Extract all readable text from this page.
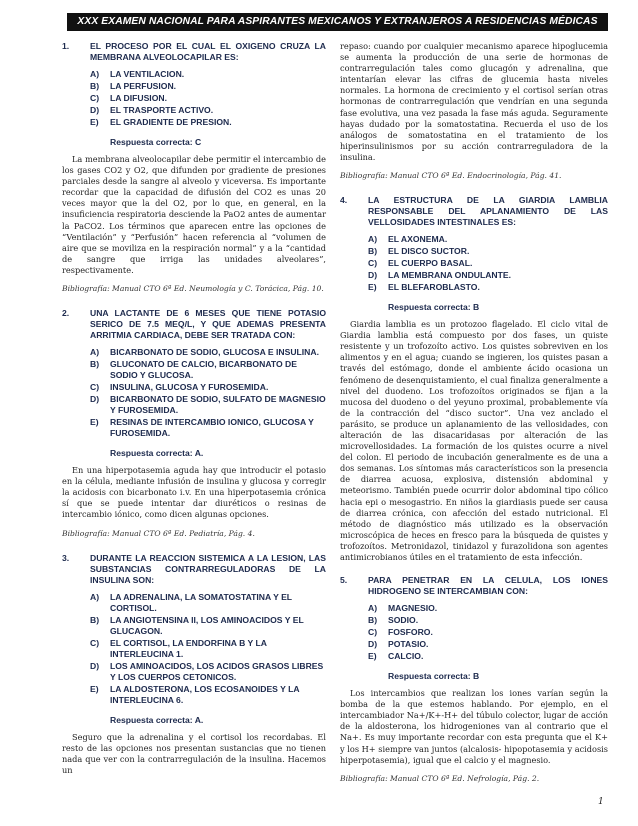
XXX EXAMEN NACIONAL PARA ASPIRANTES MEXICANOS Y EXTRANJEROS A RESIDENCIAS MÉDICAS
1.	EL PROCESO POR EL CUAL EL OXIGENO CRUZA LA MEMBRANA ALVEOLOCAPILAR ES:
A)	LA VENTILACION.
B)	LA PERFUSION.
C)	LA DIFUSION.
D)	EL TRASPORTE ACTIVO.
E)	EL GRADIENTE DE PRESION.
Respuesta correcta: C

La membrana alveolocapilar debe permitir el intercambio de los gases CO2 y O2, que difunden por gradiente de presiones parciales desde la sangre al alveolo y viceversa. Es importante recordar que la capacidad de difusión del CO2 es unas 20 veces mayor que la del O2, por lo que, en general, en la insuficiencia respiratoria desciende la PaO2 antes de aumentar la PaCO2. Los términos que aparecen entre las opciones de “Ventilación” y “Perfusión” hacen referencia al “volumen de aire que se moviliza en la respiración normal” y a la “cantidad de sangre que irriga las unidades alveolares”, respectivamente.

Bibliografía: Manual CTO 6ª Ed. Neumología y C. Torácica, Pág. 10.

2.	UNA LACTANTE DE 6 MESES QUE TIENE POTASIO SERICO DE 7.5 MEQ/L, Y QUE ADEMAS PRESENTA ARRITMIA CARDIACA, DEBE SER TRATADA CON:
A)	BICARBONATO DE SODIO, GLUCOSA E INSULINA.
B)	GLUCONATO DE CALCIO, BICARBONATO DE SODIO Y GLUCOSA.
C)	INSULINA, GLUCOSA Y FUROSEMIDA.
D)	BICARBONATO DE SODIO, SULFATO DE MAGNESIO Y FUROSEMIDA.
E)	RESINAS DE INTERCAMBIO IONICO, GLUCOSA Y FUROSEMIDA.
Respuesta correcta: A.

En una hiperpotasemia aguda hay que introducir el potasio en la célula, mediante infusión de insulina y glucosa y corregir la acidosis con bicarbonato i.v. En una hiperpotasemia crónica sí que se puede intentar dar diuréticos o resinas de intercambio iónico, como dicen algunas opciones.

Bibliografía: Manual CTO 6ª Ed. Pediatría, Pág. 4.

3.	DURANTE LA REACCION SISTEMICA A LA LESION, LAS SUBSTANCIAS CONTRARREGULADORAS DE LA INSULINA SON:
A)	LA ADRENALINA, LA SOMATOSTATINA Y EL CORTISOL.
B)	LA ANGIOTENSINA II, LOS AMINOACIDOS Y EL GLUCAGON.
C)	EL CORTISOL, LA ENDORFINA B Y LA INTERLEUCINA 1.
D)	LOS AMINOACIDOS, LOS ACIDOS GRASOS LIBRES Y LOS CUERPOS CETONICOS.
E)	LA ALDOSTERONA, LOS ECOSANOIDES Y LA INTERLEUCINA 6.
Respuesta correcta: A.

Seguro que la adrenalina y el cortisol los recordabas. El resto de las opciones nos presentan sustancias que no tienen nada que ver con la contrarregulación de la insulina. Hacemos un

repaso: cuando por cualquier mecanismo aparece hipoglucemia se aumenta la producción de una serie de hormonas de contrarregulación tales como glucagón y adrenalina, que intentarían elevar las cifras de glucemia hasta niveles normales. La hormona de crecimiento y el cortisol serían otras hormonas de contrarregulación que vendrían en una segunda fase evolutiva, una vez pasada la fase más aguda. Seguramente hayas dudado por la somatostatina. Recuerda el uso de los análogos de somatostatina en el tratamiento de los hiperinsulinismos por su acción contrarreguladora de la insulina.

Bibliografía: Manual CTO 6ª Ed. Endocrinología, Pág. 41.

4.	LA ESTRUCTURA DE LA GIARDIA LAMBLIA RESPONSABLE DEL APLANAMIENTO DE LAS VELLOSIDADES INTESTINALES ES:
A)	EL AXONEMA.
B)	EL DISCO SUCTOR.
C)	EL CUERPO BASAL.
D)	LA MEMBRANA ONDULANTE.
E)	EL BLEFAROBLASTO.
Respuesta correcta: B

Giardia lamblia es un protozoo flagelado. El ciclo vital de Giardia lamblia está compuesto por dos fases, un quiste resistente y un trofozoíto activo. Los quistes sobreviven en los alimentos y en el agua; cuando se ingieren, los quistes pasan a través del estómago, donde el ambiente ácido ocasiona un fenómeno de desenquistamiento, el cual finaliza generalmente a nivel del duodeno. Los trofozoítos originados se fijan a la mucosa del duodeno o del yeyuno proximal, probablemente vía de la contracción del “disco suctor”. Una vez anclado el parásito, se produce un aplanamiento de las vellosidades, con alteración de las disacaridasas por alteración de las microvellosidades. La formación de los quistes ocurre a nivel del colon. El periodo de incubación generalmente es de una a dos semanas. Los síntomas más característicos son la presencia de diarrea acuosa, explosiva, distensión abdominal y meteorismo. También puede ocurrir dolor abdominal tipo cólico hacia epi o mesogastrio. En niños la giardiasis puede ser causa de diarrea crónica, con afección del estado nutricional. El método de diagnóstico más utilizado es la observación microscópica de heces en fresco para la búsqueda de quistes y trofozoítos. Metronidazol, tinidazol y furazolidona son agentes antimicrobianos útiles en el tratamiento de esta infección.

5.	PARA PENETRAR EN LA CELULA, LOS IONES HIDROGENO SE INTERCAMBIAN CON:
A)	MAGNESIO.
B)	SODIO.
C)	FOSFORO.
D)	POTASIO.
E)	CALCIO.
Respuesta correcta: B

Los intercambios que realizan los iones varían según la bomba de la que estemos hablando. Por ejemplo, en el intercambiador Na+/K+-H+ del túbulo colector, lugar de acción de la aldosterona, los hidrogeniones van al contrario que el Na+. Es muy importante recordar con esta pregunta que el K+ y los H+ siempre van juntos (alcalosis- hipopotasemia y acidosis hiperpotasemia), igual que el calcio y el magnesio.

Bibliografía: Manual CTO 6ª Ed. Nefrología, Pág. 2.

1
